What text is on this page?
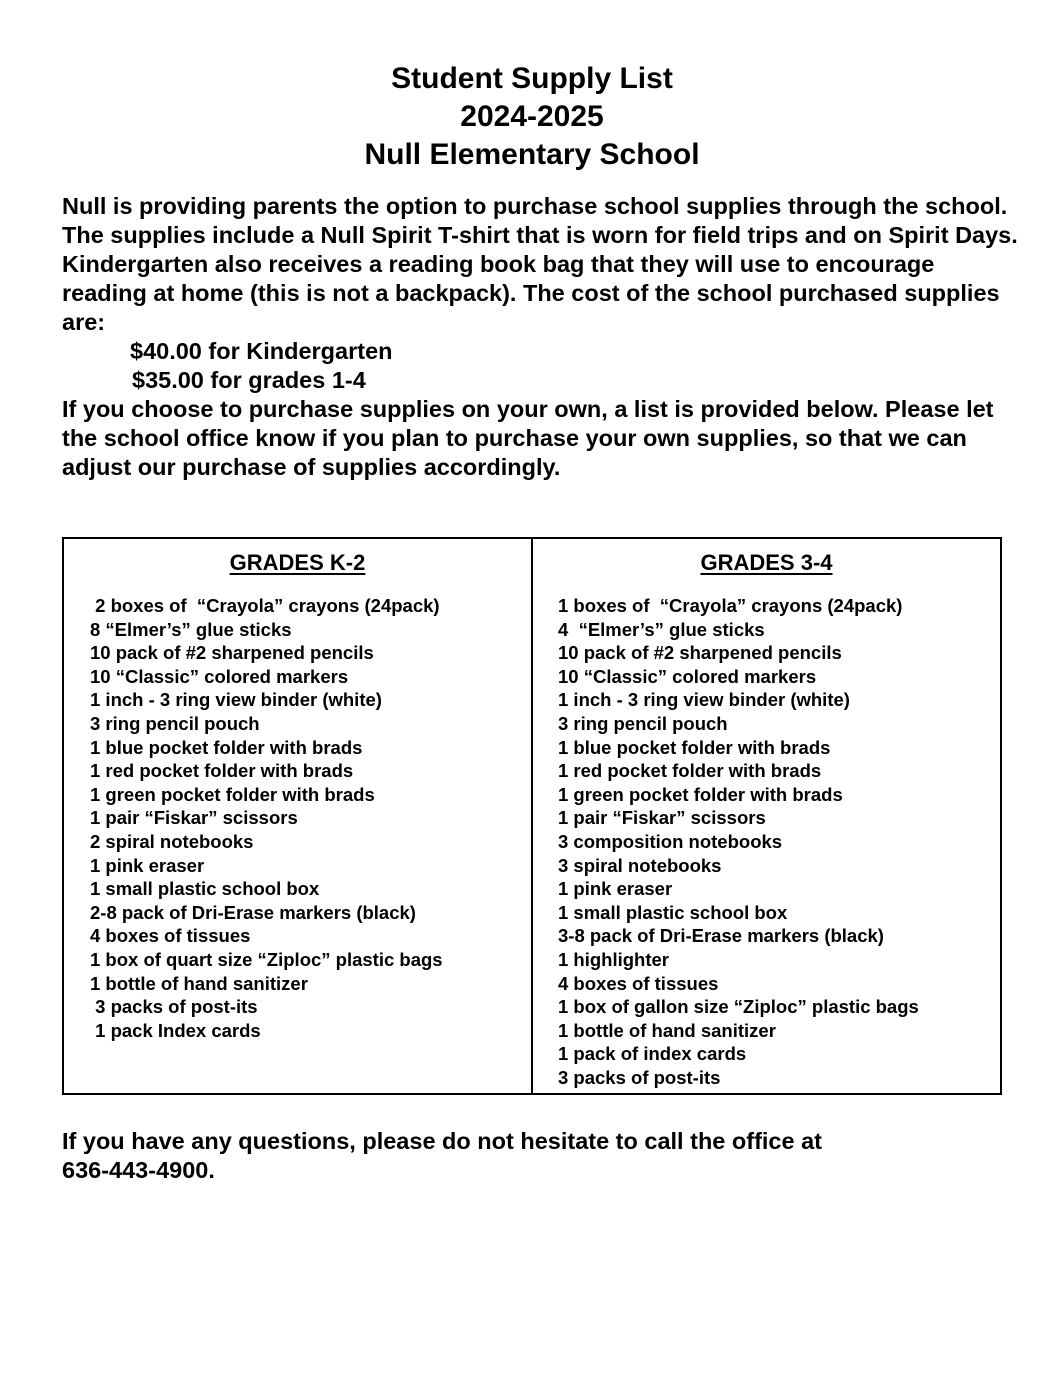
Student Supply List
2024-2025
Null Elementary School

Null is providing parents the option to purchase school supplies through the school. The supplies include a Null Spirit T-shirt that is worn for field trips and on Spirit Days. Kindergarten also receives a reading book bag that they will use to encourage reading at home (this is not a backpack). The cost of the school purchased supplies are:

$40.00 for Kindergarten
$35.00 for grades 1-4

If you choose to purchase supplies on your own, a list is provided below. Please let the school office know if you plan to purchase your own supplies, so that we can adjust our purchase of supplies accordingly.

GRADES K-2
2 boxes of  “Crayola” crayons (24pack)
8 “Elmer’s” glue sticks
10 pack of #2 sharpened pencils
10 “Classic” colored markers
1 inch - 3 ring view binder (white)
3 ring pencil pouch
1 blue pocket folder with brads
1 red pocket folder with brads
1 green pocket folder with brads
1 pair “Fiskar” scissors
2 spiral notebooks
1 pink eraser
1 small plastic school box
2-8 pack of Dri-Erase markers (black)
4 boxes of tissues
1 box of quart size “Ziploc” plastic bags
1 bottle of hand sanitizer
3 packs of post-its
1 pack Index cards
GRADES 3-4
1 boxes of  “Crayola” crayons (24pack)
4  “Elmer’s” glue sticks
10 pack of #2 sharpened pencils
10 “Classic” colored markers
1 inch - 3 ring view binder (white)
3 ring pencil pouch
1 blue pocket folder with brads
1 red pocket folder with brads
1 green pocket folder with brads
1 pair “Fiskar” scissors
3 composition notebooks
3 spiral notebooks
1 pink eraser
1 small plastic school box
3-8 pack of Dri-Erase markers (black)
1 highlighter
4 boxes of tissues
1 box of gallon size “Ziploc” plastic bags
1 bottle of hand sanitizer
1 pack of index cards
3 packs of post-its
If you have any questions, please do not hesitate to call the office at
636-443-4900.
